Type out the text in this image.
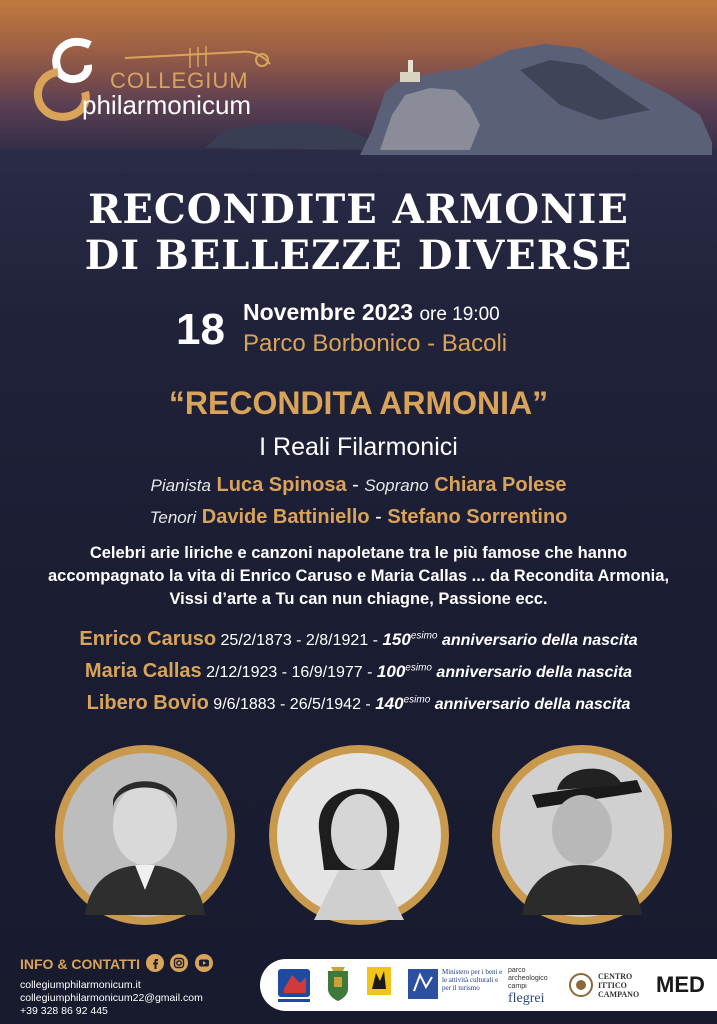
COLLEGIUM
philarmonicum
RECONDITE ARMONIE
DI BELLEZZE DIVERSE
18 Novembre 2023 ore 19:00
Parco Borbonico - Bacoli
“RECONDITA ARMONIA”
I Reali Filarmonici
Pianista Luca Spinosa - Soprano Chiara Polese
Tenori Davide Battiniello - Stefano Sorrentino
Celebri arie liriche e canzoni napoletane tra le più famose che hanno accompagnato la vita di Enrico Caruso e Maria Callas ... da Recondita Armonia, Vissi d’arte a Tu can nun chiagne, Passione ecc.
Enrico Caruso $25/2/1873 - 2/8/1921 - 150^{esimo}$ anniversario della nascita
Maria Callas $2/12/1923 - 16/9/1977 - 100^{esimo}$ anniversario della nascita
Libero Bovio $9/6/1883 - 26/5/1942 - 140^{esimo}$ anniversario della nascita
INFO & CONTATTI
collegiumphilarmonicum.it
collegiumphilarmonicum22@gmail.com
+39 328 86 92 445
Ministero per i beni e le attività culturali e per il turismo
parco archeologico campi
flegrei
CENTRO ITTICO CAMPANO MED
